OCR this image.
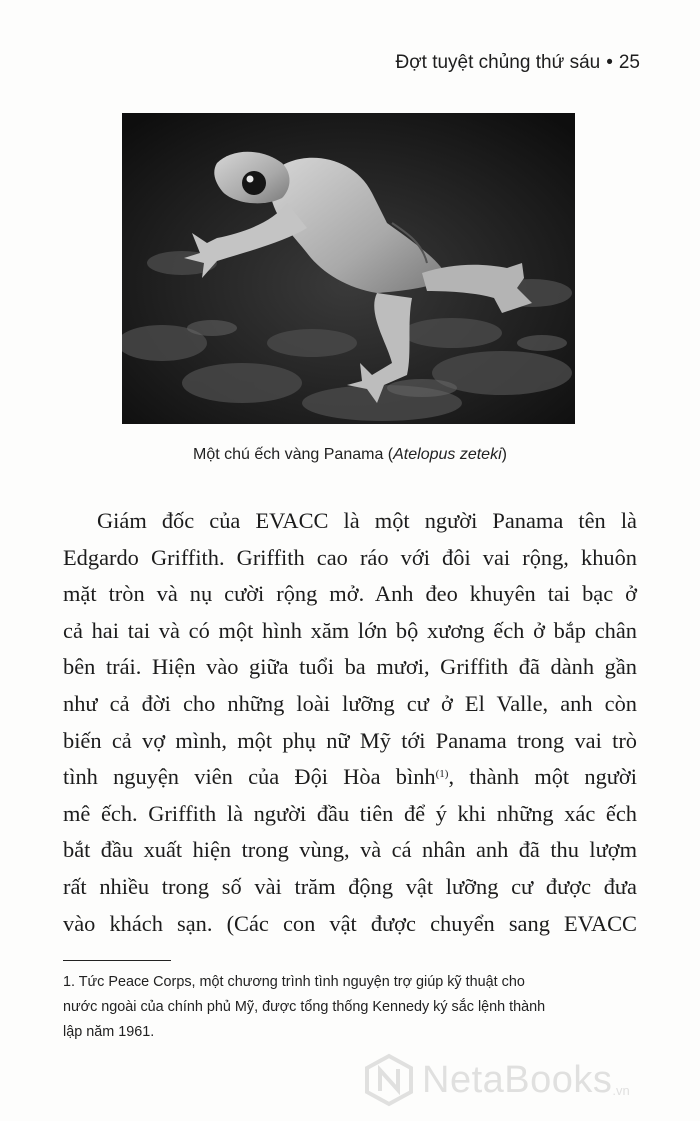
Đợt tuyệt chủng thứ sáu • 25
Một chú ếch vàng Panama (Atelopus zeteki)

Giám đốc của EVACC là một người Panama tên là
Edgardo Griffith. Griffith cao ráo với đôi vai rộng, khuôn
mặt tròn và nụ cười rộng mở. Anh đeo khuyên tai bạc ở
cả hai tai và có một hình xăm lớn bộ xương ếch ở bắp chân
bên trái. Hiện vào giữa tuổi ba mươi, Griffith đã dành gần
như cả đời cho những loài lưỡng cư ở El Valle, anh còn
biến cả vợ mình, một phụ nữ Mỹ tới Panama trong vai trò
tình nguyện viên của Đội Hòa bình$^{(1)}$, thành một người
mê ếch. Griffith là người đầu tiên để ý khi những xác ếch
bắt đầu xuất hiện trong vùng, và cá nhân anh đã thu lượm
rất nhiều trong số vài trăm động vật lưỡng cư được đưa
vào khách sạn. (Các con vật được chuyển sang EVACC

1. Tức Peace Corps, một chương trình tình nguyện trợ giúp kỹ thuật cho
nước ngoài của chính phủ Mỹ, được tổng thống Kennedy ký sắc lệnh thành
lập năm 1961.

NetaBooks .vn
